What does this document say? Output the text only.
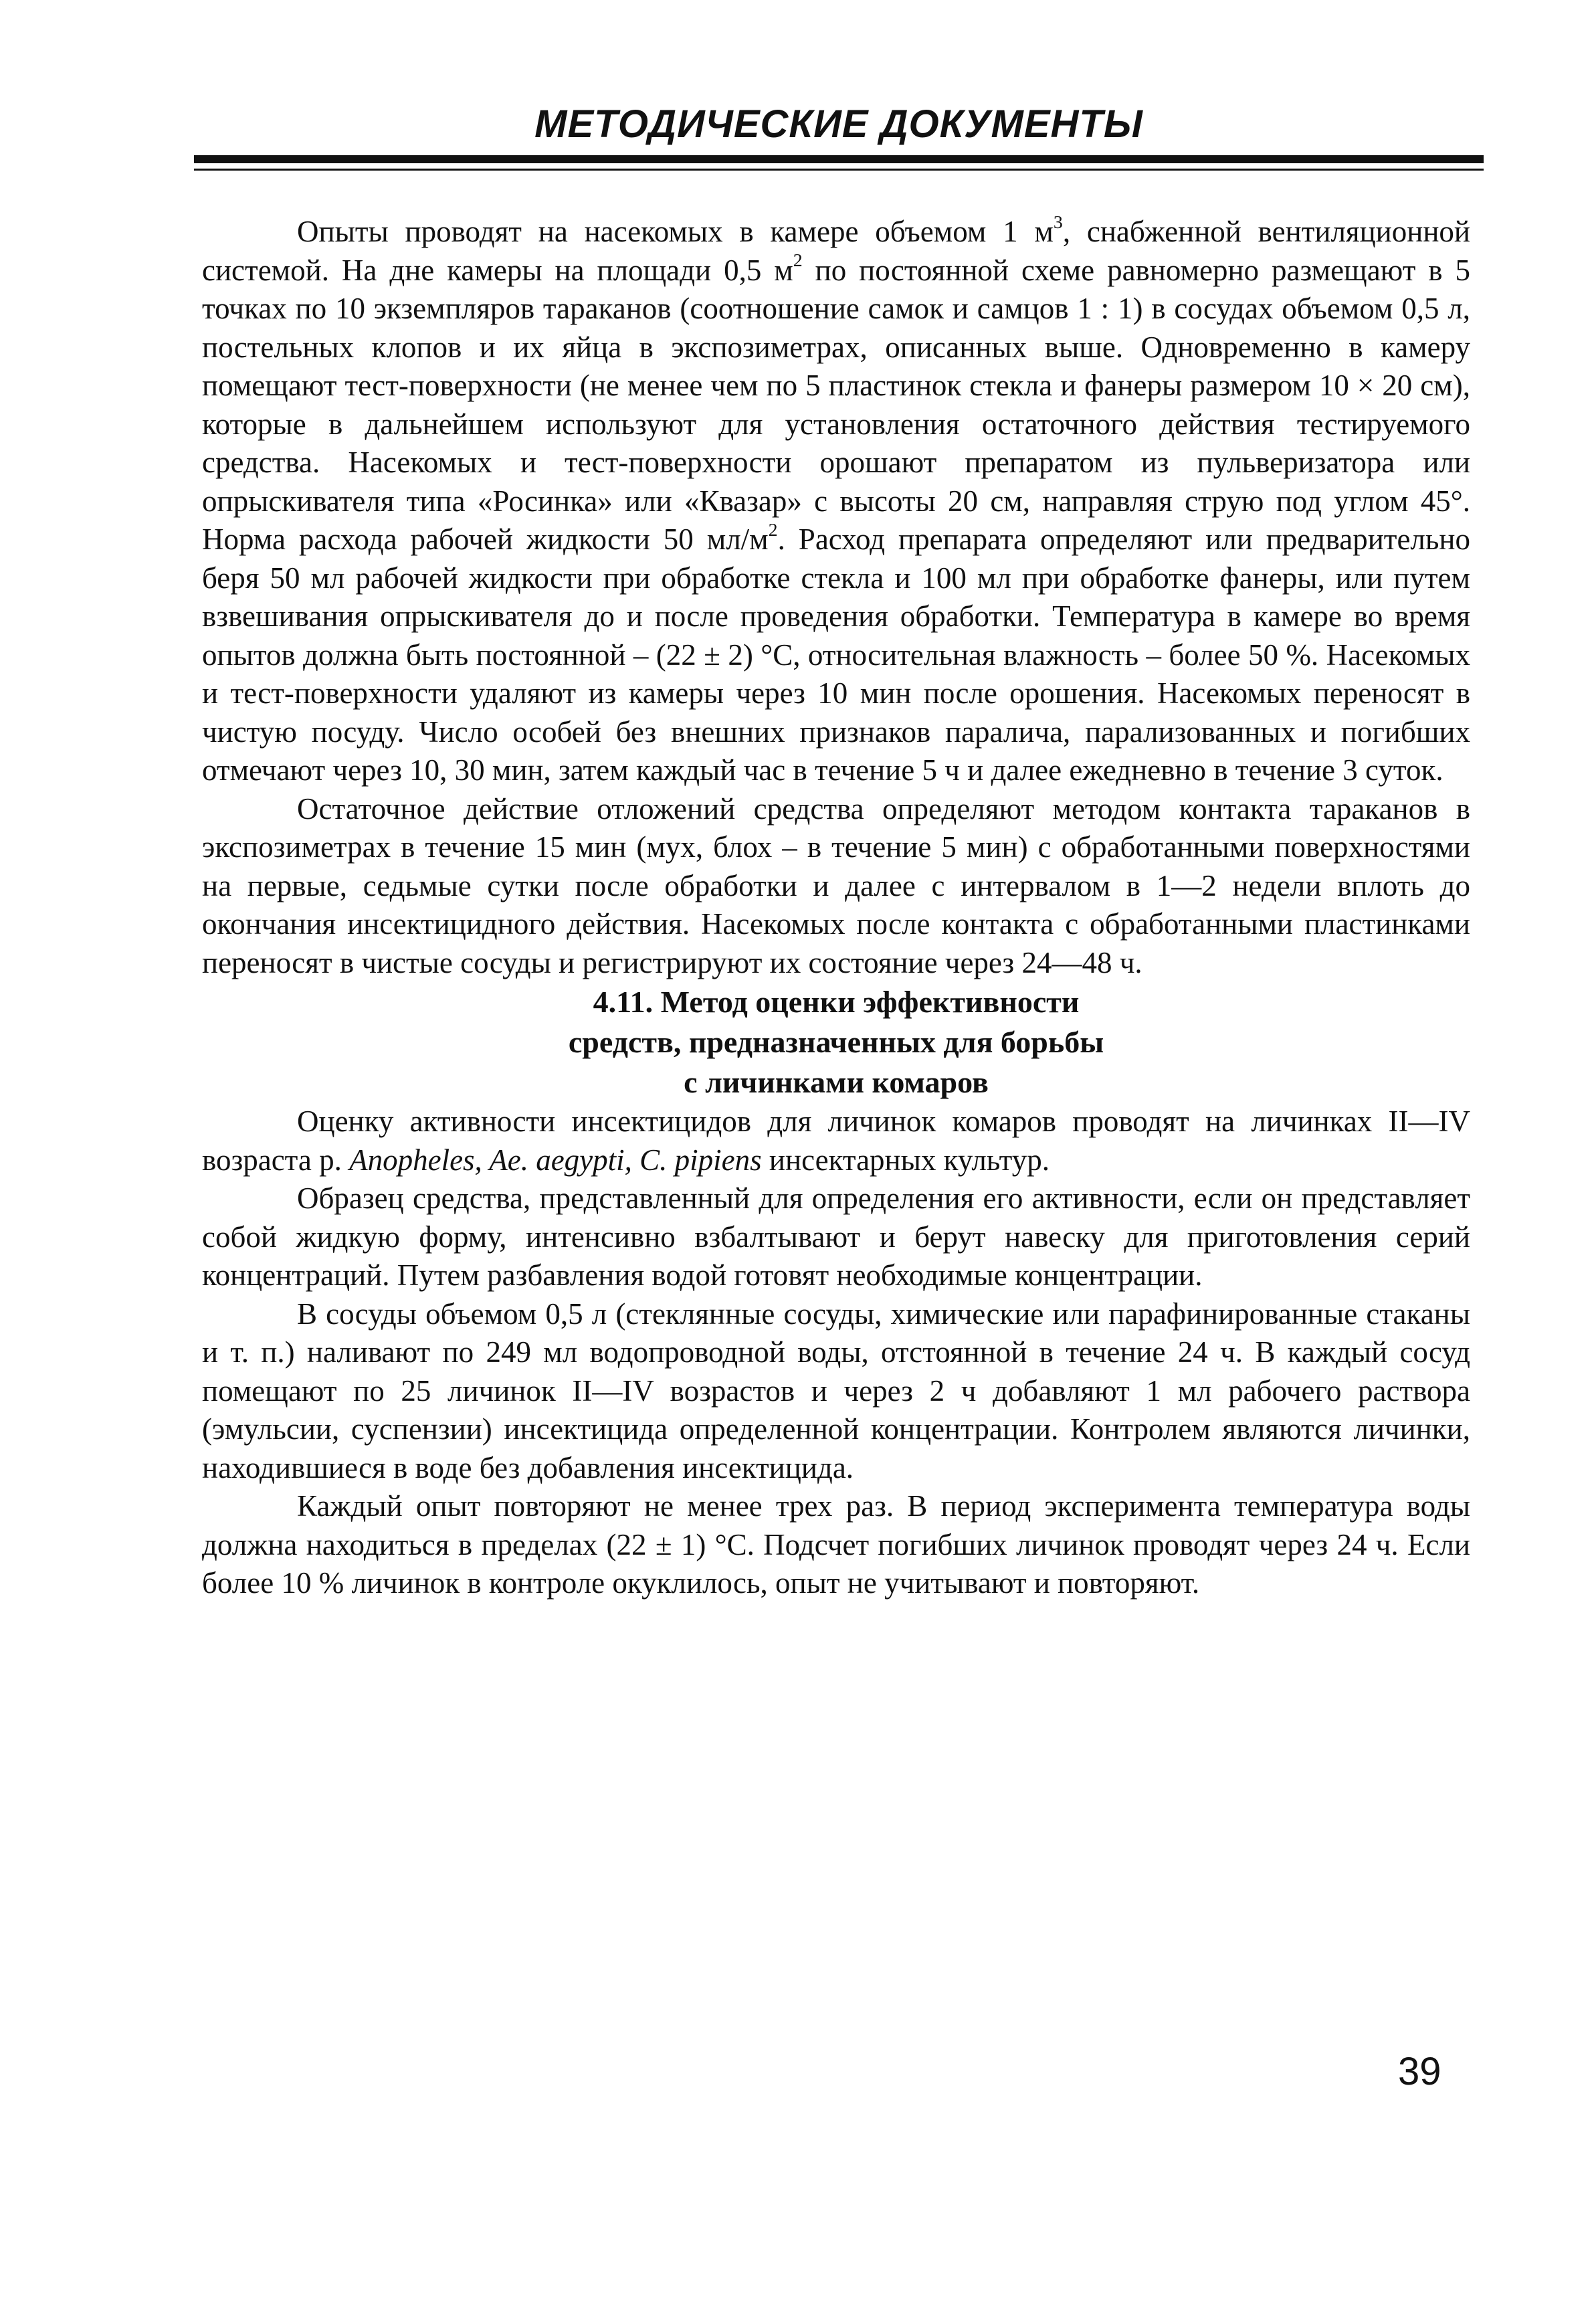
МЕТОДИЧЕСКИЕ ДОКУМЕНТЫ

Опыты проводят на насекомых в камере объемом 1 $м^3$, снабженной вентиляционной системой. На дне камеры на площади 0,5 $м^2$ по постоянной схеме равномерно размещают в 5 точках по 10 экземпляров тараканов (соотношение самок и самцов 1 : 1) в сосудах объемом 0,5 л, постельных клопов и их яйца в экспозиметрах, описанных выше. Одновременно в камеру помещают тест-поверхности (не менее чем по 5 пластинок стекла и фанеры размером 10 × 20 см), которые в дальнейшем используют для установления остаточного действия тестируемого средства. Насекомых и тест-поверхности орошают препаратом из пульверизатора или опрыскивателя типа «Росинка» или «Квазар» с высоты 20 см, направляя струю под углом 45°. Норма расхода рабочей жидкости 50 $мл/м^2$. Расход препарата определяют или предварительно беря 50 мл рабочей жидкости при обработке стекла и 100 мл при обработке фанеры, или путем взвешивания опрыскивателя до и после проведения обработки. Температура в камере во время опытов должна быть постоянной – (22 ± 2) °С, относительная влажность – более 50 %. Насекомых и тест-поверхности удаляют из камеры через 10 мин после орошения. Насекомых переносят в чистую посуду. Число особей без внешних признаков паралича, парализованных и погибших отмечают через 10, 30 мин, затем каждый час в течение 5 ч и далее ежедневно в течение 3 суток.

Остаточное действие отложений средства определяют методом контакта тараканов в экспозиметрах в течение 15 мин (мух, блох – в течение 5 мин) с обработанными поверхностями на первые, седьмые сутки после обработки и далее с интервалом в 1—2 недели вплоть до окончания инсектицидного действия. Насекомых после контакта с обработанными пластинками переносят в чистые сосуды и регистрируют их состояние через 24—48 ч.

4.11. Метод оценки эффективности
средств, предназначенных для борьбы
с личинками комаров

Оценку активности инсектицидов для личинок комаров проводят на личинках II—IV возраста р. Anopheles, Ae. aegypti, C. pipiens инсектарных культур.

Образец средства, представленный для определения его активности, если он представляет собой жидкую форму, интенсивно взбалтывают и берут навеску для приготовления серий концентраций. Путем разбавления водой готовят необходимые концентрации.

В сосуды объемом 0,5 л (стеклянные сосуды, химические или парафинированные стаканы и т. п.) наливают по 249 мл водопроводной воды, отстоянной в течение 24 ч. В каждый сосуд помещают по 25 личинок II—IV возрастов и через 2 ч добавляют 1 мл рабочего раствора (эмульсии, суспензии) инсектицида определенной концентрации. Контролем являются личинки, находившиеся в воде без добавления инсектицида.

Каждый опыт повторяют не менее трех раз. В период эксперимента температура воды должна находиться в пределах (22 ± 1) °С. Подсчет погибших личинок проводят через 24 ч. Если более 10 % личинок в контроле окуклилось, опыт не учитывают и повторяют.

39
